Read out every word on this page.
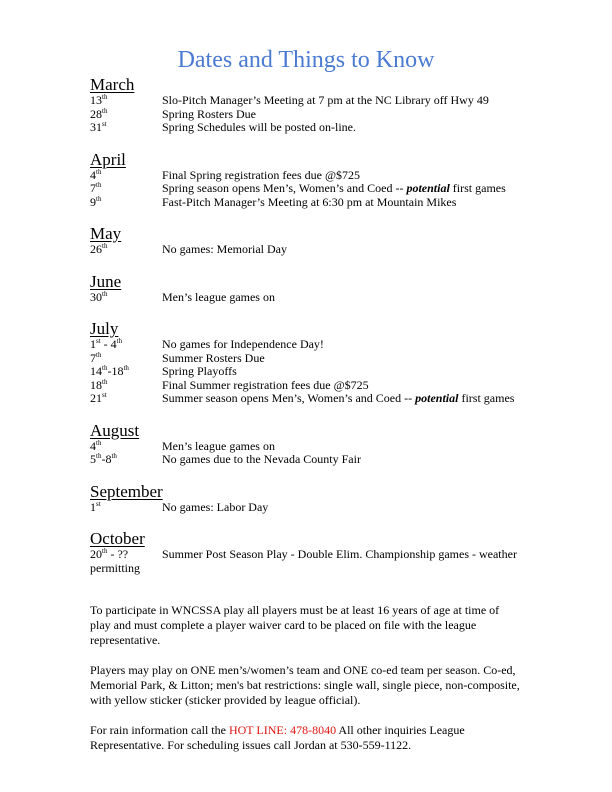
Dates and Things to Know
March
13th	Slo-Pitch Manager’s Meeting at 7 pm at the NC Library off Hwy 49
28th	Spring Rosters Due
31st	Spring Schedules will be posted on-line.
April
4th	Final Spring registration fees due @$725
7th	Spring season opens Men’s, Women’s and Coed -- potential first games
9th	Fast-Pitch Manager’s Meeting at 6:30 pm at Mountain Mikes
May
26th	No games: Memorial Day
June
30th	Men’s league games on
July
1st - 4th	No games for Independence Day!
7th	Summer Rosters Due
14th-18th	Spring Playoffs
18th	Final Summer registration fees due @$725
21st	Summer season opens Men’s, Women’s and Coed -- potential first games
August
4th	Men’s league games on
5th-8th	No games due to the Nevada County Fair
September
1st	No games: Labor Day
October
20th - ??	Summer Post Season Play - Double Elim. Championship games - weather
permitting

To participate in WNCSSA play all players must be at least 16 years of age at time of play and must complete a player waiver card to be placed on file with the league representative.

Players may play on ONE men’s/women’s team and ONE co-ed team per season. Co-ed, Memorial Park, & Litton; men's bat restrictions: single wall, single piece, non-composite, with yellow sticker (sticker provided by league official).

For rain information call the HOT LINE: 478-8040 All other inquiries League Representative. For scheduling issues call Jordan at 530-559-1122.
